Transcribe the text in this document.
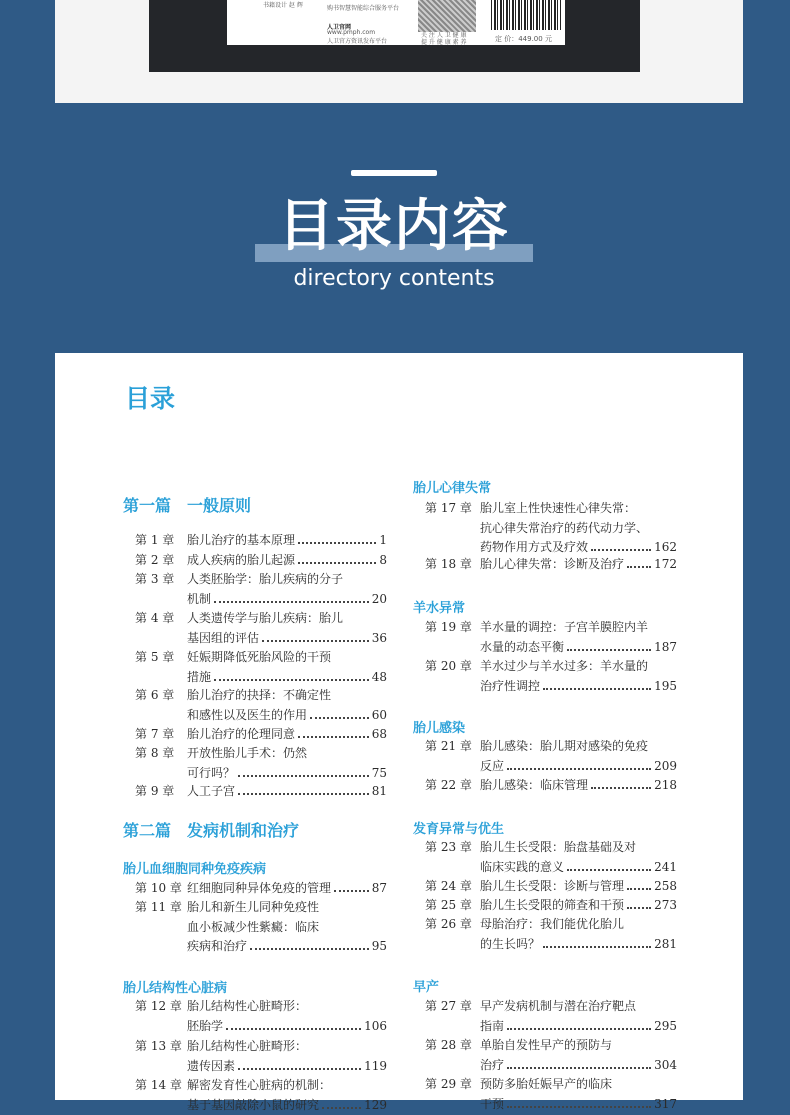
书籍设计 赵 辉	购书智慧智能综合服务平台
人卫官网
www.pmph.com
人卫官方资讯发布平台
关 注 人 卫 健 康
提 升 健 康 素 养	定 价：449.00 元
目录内容
directory contents
目录
第一篇 一般原则
第 1 章 胎儿治疗的基本原理	1
第 2 章 成人疾病的胎儿起源	8
第 3 章 人类胚胎学：胎儿疾病的分子
机制	20
第 4 章 人类遗传学与胎儿疾病：胎儿
基因组的评估	36
第 5 章 妊娠期降低死胎风险的干预
措施	48
第 6 章 胎儿治疗的抉择：不确定性
和感性以及医生的作用	60
第 7 章 胎儿治疗的伦理同意	68
第 8 章 开放性胎儿手术：仍然
可行吗？	75
第 9 章 人工子宫	81
第 10 章 红细胞同种异体免疫的管理	87
第 11 章 胎儿和新生儿同种免疫性
血小板减少性紫癜：临床
疾病和治疗	95
第 12 章 胎儿结构性心脏畸形：
胚胎学	106
第 13 章 胎儿结构性心脏畸形：
遗传因素	119
第 14 章 解密发育性心脏病的机制：
基于基因敲除小鼠的研究	129
第二篇 发病机制和治疗
胎儿血细胞同种免疫疾病
胎儿结构性心脏病
胎儿心律失常
羊水异常
胎儿感染
发育异常与优生
早产
第 17 章 胎儿室上性快速性心律失常：
抗心律失常治疗的药代动力学、
药物作用方式及疗效	162
第 18 章 胎儿心律失常：诊断及治疗	172
第 19 章 羊水量的调控：子宫羊膜腔内羊
水量的动态平衡	187
第 20 章 羊水过少与羊水过多：羊水量的
治疗性调控	195
第 21 章 胎儿感染：胎儿期对感染的免疫
反应	209
第 22 章 胎儿感染：临床管理	218
第 23 章 胎儿生长受限：胎盘基础及对
临床实践的意义	241
第 24 章 胎儿生长受限：诊断与管理	258
第 25 章 胎儿生长受限的筛查和干预	273
第 26 章 母胎治疗：我们能优化胎儿
的生长吗？	281
第 27 章 早产发病机制与潜在治疗靶点
指南	295
第 28 章 单胎自发性早产的预防与
治疗	304
第 29 章 预防多胎妊娠早产的临床
干预	317
